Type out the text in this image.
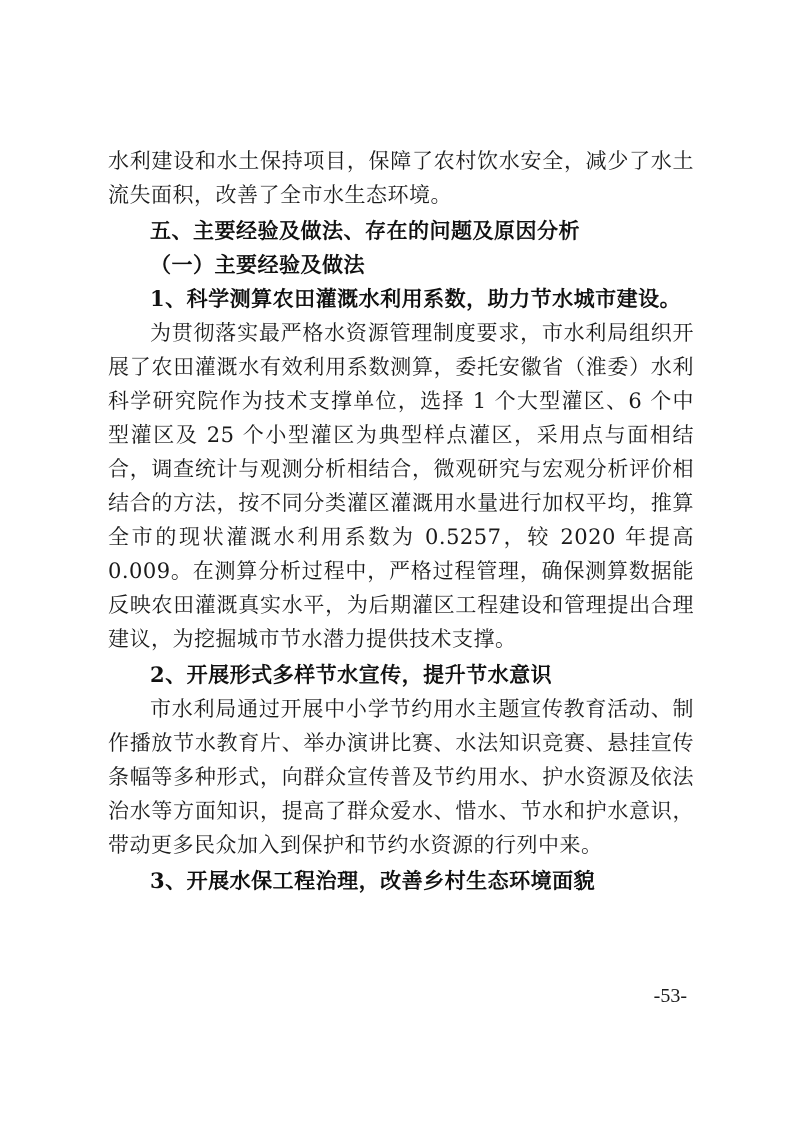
水利建设和水土保持项目，保障了农村饮水安全，减少了水土流失面积，改善了全市水生态环境。

五、主要经验及做法、存在的问题及原因分析

（一）主要经验及做法

1、科学测算农田灌溉水利用系数，助力节水城市建设。

为贯彻落实最严格水资源管理制度要求，市水利局组织开展了农田灌溉水有效利用系数测算，委托安徽省（淮委）水利科学研究院作为技术支撑单位，选择 1 个大型灌区、6 个中型灌区及 25 个小型灌区为典型样点灌区，采用点与面相结合，调查统计与观测分析相结合，微观研究与宏观分析评价相结合的方法，按不同分类灌区灌溉用水量进行加权平均，推算全市的现状灌溉水利用系数为 0.5257，较 2020 年提高 0.009。在测算分析过程中，严格过程管理，确保测算数据能反映农田灌溉真实水平，为后期灌区工程建设和管理提出合理建议，为挖掘城市节水潜力提供技术支撑。

2、开展形式多样节水宣传，提升节水意识

市水利局通过开展中小学节约用水主题宣传教育活动、制作播放节水教育片、举办演讲比赛、水法知识竞赛、悬挂宣传条幅等多种形式，向群众宣传普及节约用水、护水资源及依法治水等方面知识，提高了群众爱水、惜水、节水和护水意识，带动更多民众加入到保护和节约水资源的行列中来。

3、开展水保工程治理，改善乡村生态环境面貌

-53-
